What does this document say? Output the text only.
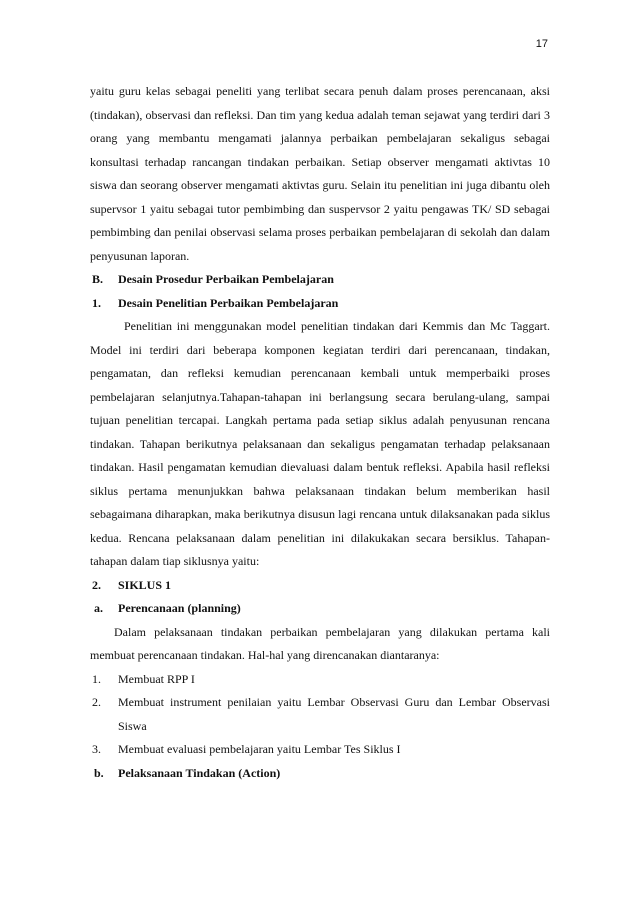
17

yaitu guru kelas sebagai peneliti yang terlibat secara penuh dalam proses perencanaan, aksi (tindakan), observasi dan refleksi. Dan tim yang kedua adalah teman sejawat yang terdiri dari 3 orang yang membantu mengamati jalannya perbaikan pembelajaran sekaligus sebagai konsultasi terhadap rancangan tindakan perbaikan. Setiap observer mengamati aktivtas 10 siswa dan seorang observer mengamati aktivtas guru. Selain itu penelitian ini juga dibantu oleh supervsor 1 yaitu sebagai tutor pembimbing dan suspervsor 2 yaitu pengawas TK/ SD sebagai pembimbing dan penilai observasi selama proses perbaikan pembelajaran di sekolah dan dalam penyusunan laporan.

B.	Desain Prosedur Perbaikan Pembelajaran
1.	Desain Penelitian Perbaikan Pembelajaran

Penelitian ini menggunakan model penelitian tindakan dari Kemmis dan Mc Taggart. Model ini terdiri dari beberapa komponen kegiatan terdiri dari perencanaan, tindakan, pengamatan, dan refleksi kemudian perencanaan kembali untuk memperbaiki proses pembelajaran selanjutnya.Tahapan-tahapan ini berlangsung secara berulang-ulang, sampai tujuan penelitian tercapai. Langkah pertama pada setiap siklus adalah penyusunan rencana tindakan. Tahapan berikutnya pelaksanaan dan sekaligus pengamatan terhadap pelaksanaan tindakan. Hasil pengamatan kemudian dievaluasi dalam bentuk refleksi. Apabila hasil refleksi siklus pertama menunjukkan bahwa pelaksanaan tindakan belum memberikan hasil sebagaimana diharapkan, maka berikutnya disusun lagi rencana untuk dilaksanakan pada siklus kedua. Rencana pelaksanaan dalam penelitian ini dilakukakan secara bersiklus. Tahapan-tahapan dalam tiap siklusnya yaitu:

2.	SIKLUS 1
a.	Perencanaan (planning)

Dalam pelaksanaan tindakan perbaikan pembelajaran yang dilakukan pertama kali membuat perencanaan tindakan. Hal-hal yang direncanakan diantaranya:

1.	Membuat RPP I
2.	Membuat instrument penilaian yaitu Lembar Observasi Guru dan Lembar Observasi Siswa
3.	Membuat evaluasi pembelajaran yaitu Lembar Tes Siklus I
b.	Pelaksanaan Tindakan (Action)
